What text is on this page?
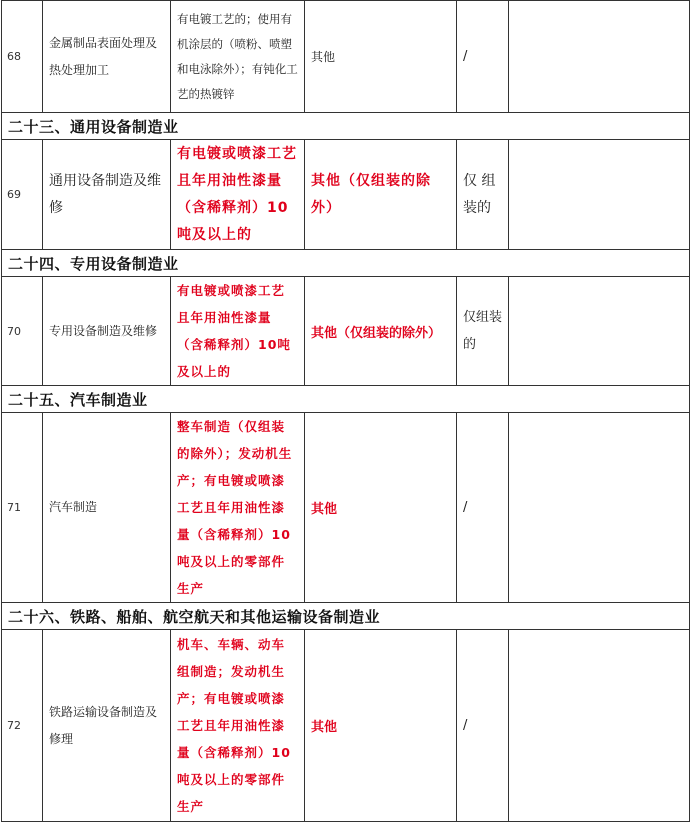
68	金属制品表面处理及热处理加工	有电镀工艺的；使用有机涂层的（喷粉、喷塑和电泳除外）；有钝化工艺的热镀锌	其他	/	
二十三、通用设备制造业					
69	通用设备制造及维修	有电镀或喷漆工艺且年用油性漆量（含稀释剂）10吨及以上的	其他（仅组装的除外）	仅 组 装的	
二十四、专用设备制造业					
70	专用设备制造及维修	有电镀或喷漆工艺且年用油性漆量（含稀释剂）10吨及以上的	其他（仅组装的除外）	仅组装的	
二十五、汽车制造业					
71	汽车制造	整车制造（仅组装的除外）；发动机生产；有电镀或喷漆工艺且年用油性漆量（含稀释剂）10吨及以上的零部件生产	其他	/	
二十六、铁路、船舶、航空航天和其他运输设备制造业					
72	铁路运输设备制造及修理	机车、车辆、动车组制造；发动机生产；有电镀或喷漆工艺且年用油性漆量（含稀释剂）10吨及以上的零部件生产	其他	/	
